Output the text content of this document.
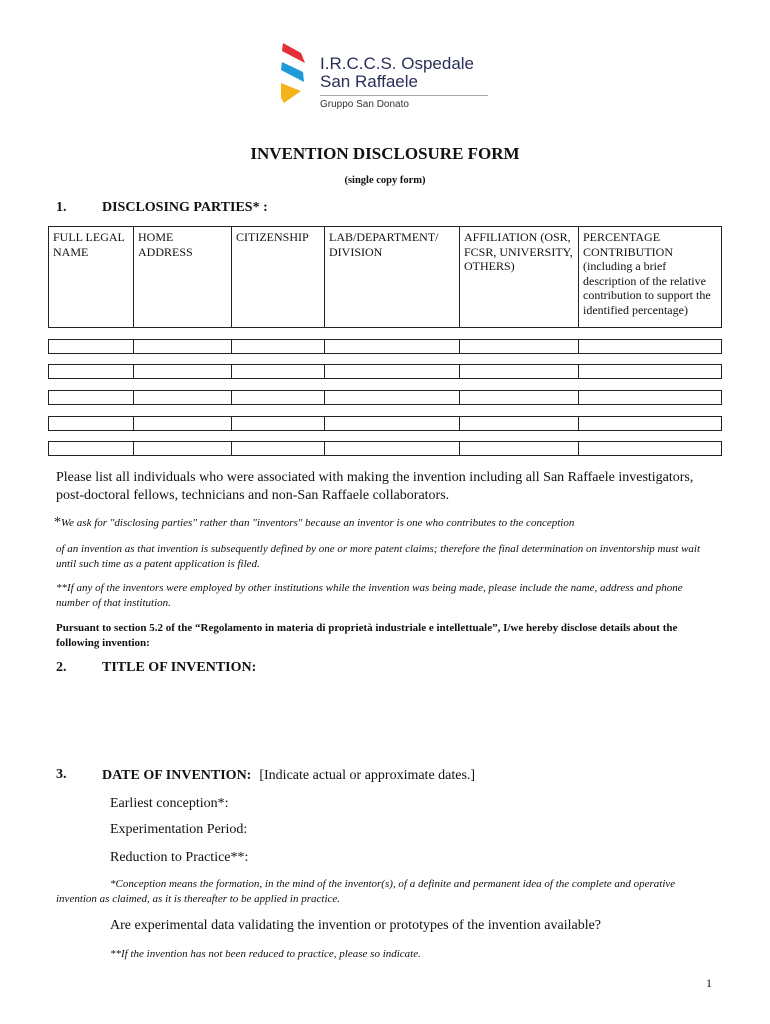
I.R.C.C.S. Ospedale
San Raffaele
Gruppo San Donato
INVENTION DISCLOSURE FORM
(single copy form)
1.	DISCLOSING PARTIES* :
FULL LEGAL NAME	HOME ADDRESS	CITIZENSHIP	LAB/DEPARTMENT/ DIVISION	AFFILIATION (OSR, FCSR, UNIVERSITY, OTHERS)	PERCENTAGE CONTRIBUTION (including a brief description of the relative contribution to support the identified percentage)

Please list all individuals who were associated with making the invention including all San Raffaele investigators, post-doctoral fellows, technicians and non-San Raffaele collaborators.
*We ask for "disclosing parties" rather than "inventors" because an inventor is one who contributes to the conception
of an invention as that invention is subsequently defined by one or more patent claims; therefore the final determination on inventorship must wait until such time as a patent application is filed.
**If any of the inventors were employed by other institutions while the invention was being made, please include the name, address and phone number of that institution.
Pursuant to section 5.2 of the “Regolamento in materia di proprietà industriale e intellettuale”, I/we hereby disclose details about the following invention:
2.	TITLE OF INVENTION:
3.	DATE OF INVENTION: [Indicate actual or approximate dates.]
Earliest conception*:
Experimentation Period:
Reduction to Practice**:
*Conception means the formation, in the mind of the inventor(s), of a definite and permanent idea of the complete and operative invention as claimed, as it is thereafter to be applied in practice.
Are experimental data validating the invention or prototypes of the invention available?
**If the invention has not been reduced to practice, please so indicate.
1
